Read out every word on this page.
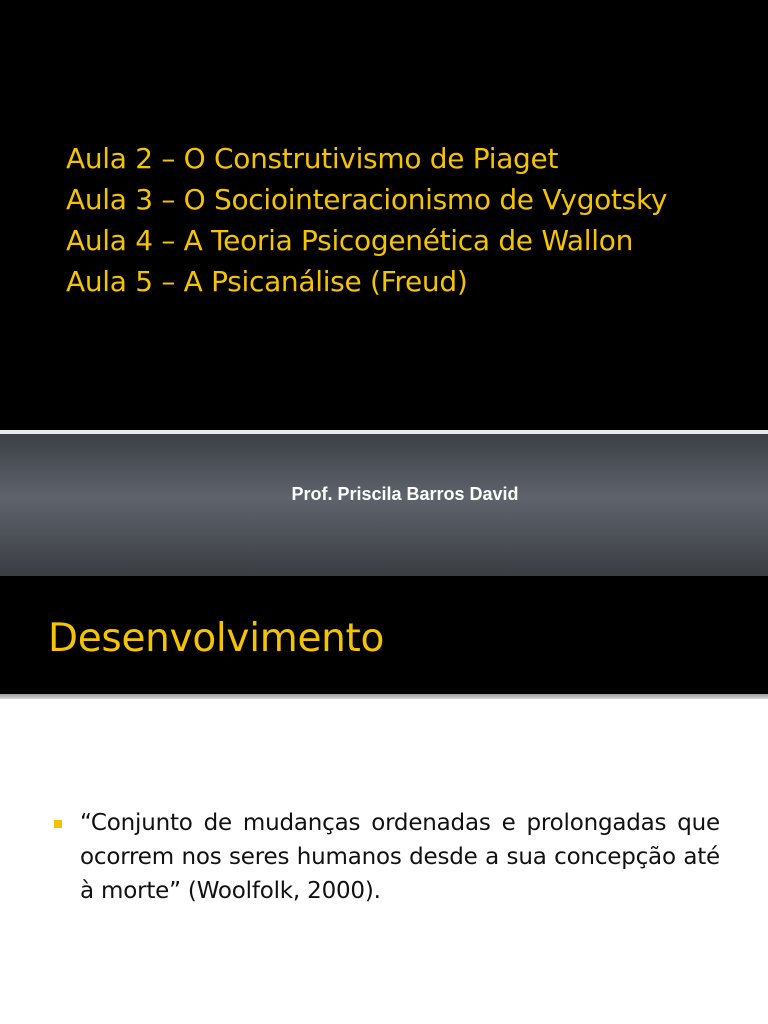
Aula 2 – O Construtivismo de Piaget
Aula 3 – O Sociointeracionismo de Vygotsky
Aula 4 – A Teoria Psicogenética de Wallon
Aula 5 – A Psicanálise (Freud)
Prof. Priscila Barros David
Desenvolvimento

“Conjunto de mudanças ordenadas e prolongadas que ocorrem nos seres humanos desde a sua concepção até à morte” (Woolfolk, 2000).
